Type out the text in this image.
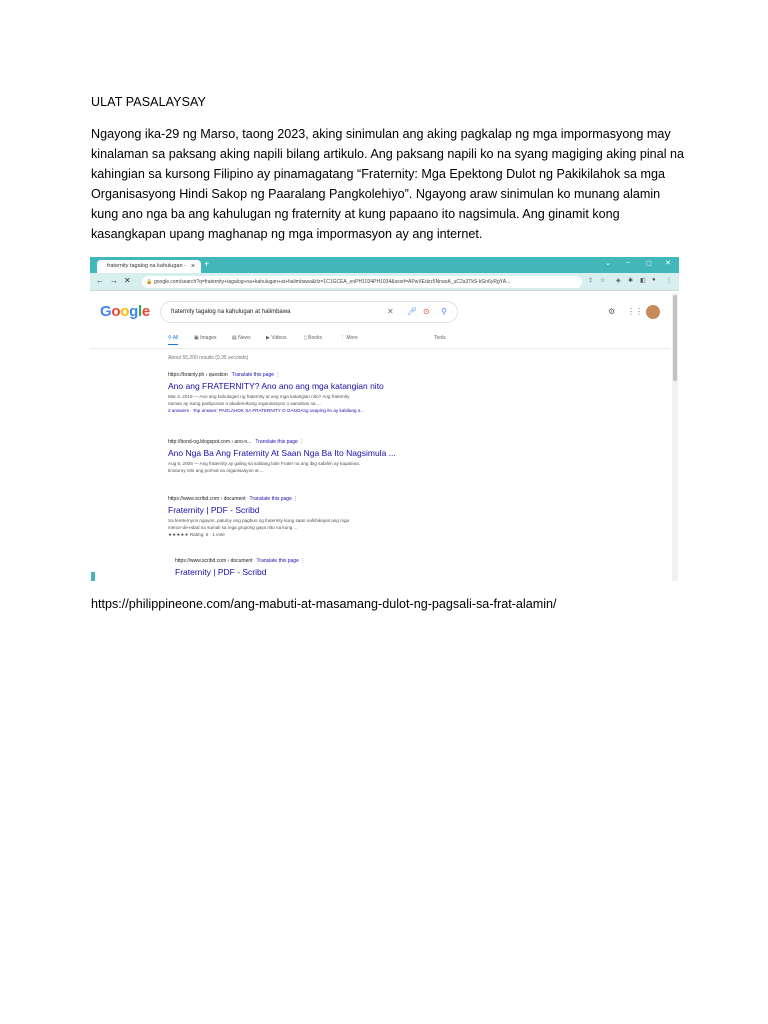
ULAT PASALAYSAY
Ngayong ika-29 ng Marso, taong 2023, aking sinimulan ang aking pagkalap ng mga impormasyong may
kinalaman sa paksang aking napili bilang artikulo. Ang paksang napili ko na syang magiging aking pinal na
kahingian sa kursong Filipino ay pinamagatang “Fraternity: Mga Epektong Dulot ng Pakikilahok sa mga
Organisasyong Hindi Sakop ng Paaralang Pangkolehiyo”. Ngayong araw sinimulan ko munang alamin
kung ano nga ba ang kahulugan ng fraternity at kung papaano ito nagsimula. Ang ginamit kong
kasangkapan upang maghanap ng mga impormasyon ay ang internet.
fraternity tagalog na kahulugan - × +	⌄ – ◻ ✕
← → ✕	🔒 google.com/search?q=fraternity+tagalog+na+kahulugan+at+halimbawa&rlz=1C1GCEA_enPH1034PH1034&sxsrf=APwXEdzz5NnaoA_uC2a3TkS-kGn6yRgYA...	⇪ ☆ ◈ ✱ ◧ ● ⋮
Google	fraternity tagalog na kahulugan at halimbawa	✕ 🎤︎ ⊙ ⚲	⚙ ⋮⋮
⚲ All	▣ Images	▤ News	▶ Videos	▯ Books	⋮ More	Tools
About 55,200 results (0.35 seconds)
https://brainly.ph › question Translate this page ⋮
Ano ang FRATERNITY? Ano ano ang mga katangian nito
Mar 3, 2019 — Ano ang kahulugan ng fraternity at ang mga katangian nito? Ang fraternity
naman ay isang panlipunan o akademikong organisasyon o samahan na ...
2 answers · Top answer: PAGLAHOK SA FRATERNITY O GANGAng usaping ito ay kabilang s...
http://bond-og.blogspot.com › ano-n... Translate this page ⋮
Ano Nga Ba Ang Fraternity At Saan Nga Ba Ito Nagsimula ...
Aug 5, 2008 — Ang fraternity ay galing sa salitang latin Frater na ang ibig sabihin ay kapatiran,
tinuturoy nito ang pormal na organisasyon at ...
https://www.scribd.com › document Translate this page ⋮
Fraternity | PDF - Scribd
Sa fereternyon ngayon, patuloy ang pagbuo ng fraternity kung saan nahihikayat ang mga
menor-de-edad na sumali sa mga grupong gaya nito na kung ...
★★★★★ Rating: 5 · 1 vote
https://www.scribd.com › document Translate this page ⋮
Fraternity | PDF - Scribd
https://philippineone.com/ang-mabuti-at-masamang-dulot-ng-pagsali-sa-frat-alamin/
